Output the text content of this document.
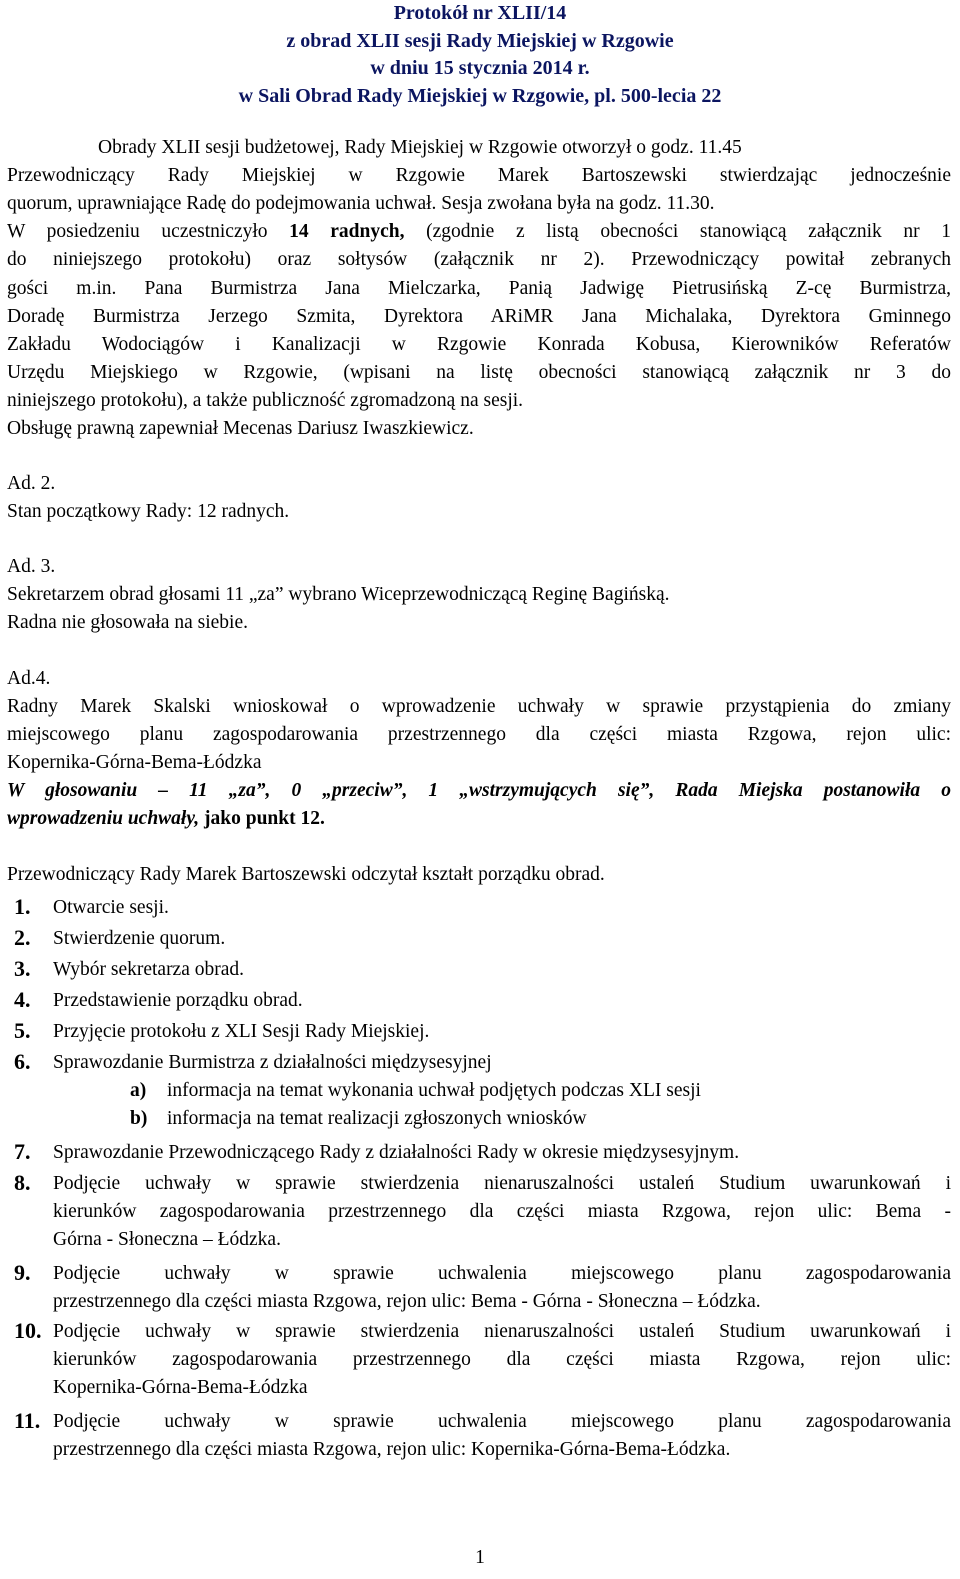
Protokół nr XLII/14
z obrad XLII sesji Rady Miejskiej w Rzgowie
w dniu 15 stycznia 2014 r.
w Sali Obrad Rady Miejskiej w Rzgowie, pl. 500-lecia 22
Obrady XLII sesji budżetowej, Rady Miejskiej w Rzgowie otworzył o godz. 11.45
Przewodniczący Rady Miejskiej w Rzgowie Marek Bartoszewski stwierdzając jednocześnie
quorum, uprawniające Radę do podejmowania uchwał. Sesja zwołana była na godz. 11.30.
W posiedzeniu uczestniczyło 14 radnych, (zgodnie z listą obecności stanowiącą załącznik nr 1
do niniejszego protokołu) oraz sołtysów (załącznik nr 2). Przewodniczący powitał zebranych
gości m.in. Pana Burmistrza Jana Mielczarka, Panią Jadwigę Pietrusińską Z-cę Burmistrza,
Doradę Burmistrza Jerzego Szmita, Dyrektora ARiMR Jana Michalaka, Dyrektora Gminnego
Zakładu Wodociągów i Kanalizacji w Rzgowie Konrada Kobusa, Kierowników Referatów
Urzędu Miejskiego w Rzgowie, (wpisani na listę obecności stanowiącą załącznik nr 3 do
niniejszego protokołu), a także publiczność zgromadzoną na sesji.
Obsługę prawną zapewniał Mecenas Dariusz Iwaszkiewicz.
Ad. 2.
Stan początkowy Rady: 12 radnych.
Ad. 3.
Sekretarzem obrad głosami 11 „za” wybrano Wiceprzewodniczącą Reginę Bagińską.
Radna nie głosowała na siebie.
Ad.4.
Radny Marek Skalski wnioskował o wprowadzenie uchwały w sprawie przystąpienia do zmiany
miejscowego planu zagospodarowania przestrzennego dla części miasta Rzgowa, rejon ulic:
Kopernika-Górna-Bema-Łódzka
W głosowaniu – 11 „za”, 0 „przeciw”, 1 „wstrzymujących się”, Rada Miejska postanowiła o
wprowadzeniu uchwały, jako punkt 12.
Przewodniczący Rady Marek Bartoszewski odczytał kształt porządku obrad.
1. Otwarcie sesji.
2. Stwierdzenie quorum.
3. Wybór sekretarza obrad.
4. Przedstawienie porządku obrad.
5. Przyjęcie protokołu z XLI Sesji Rady Miejskiej.
6. Sprawozdanie Burmistrza z działalności międzysesyjnej
a) informacja na temat wykonania uchwał podjętych podczas XLI sesji
b) informacja na temat realizacji zgłoszonych wniosków
7. Sprawozdanie Przewodniczącego Rady z działalności Rady w okresie międzysesyjnym.
8. Podjęcie uchwały w sprawie stwierdzenia nienaruszalności ustaleń Studium uwarunkowań i
kierunków zagospodarowania przestrzennego dla części miasta Rzgowa, rejon ulic: Bema -
Górna - Słoneczna – Łódzka.
9. Podjęcie uchwały w sprawie uchwalenia miejscowego planu zagospodarowania
przestrzennego dla części miasta Rzgowa, rejon ulic: Bema - Górna - Słoneczna – Łódzka.
10. Podjęcie uchwały w sprawie stwierdzenia nienaruszalności ustaleń Studium uwarunkowań i
kierunków zagospodarowania przestrzennego dla części miasta Rzgowa, rejon ulic:
Kopernika-Górna-Bema-Łódzka
11. Podjęcie uchwały w sprawie uchwalenia miejscowego planu zagospodarowania
przestrzennego dla części miasta Rzgowa, rejon ulic: Kopernika-Górna-Bema-Łódzka.
1
